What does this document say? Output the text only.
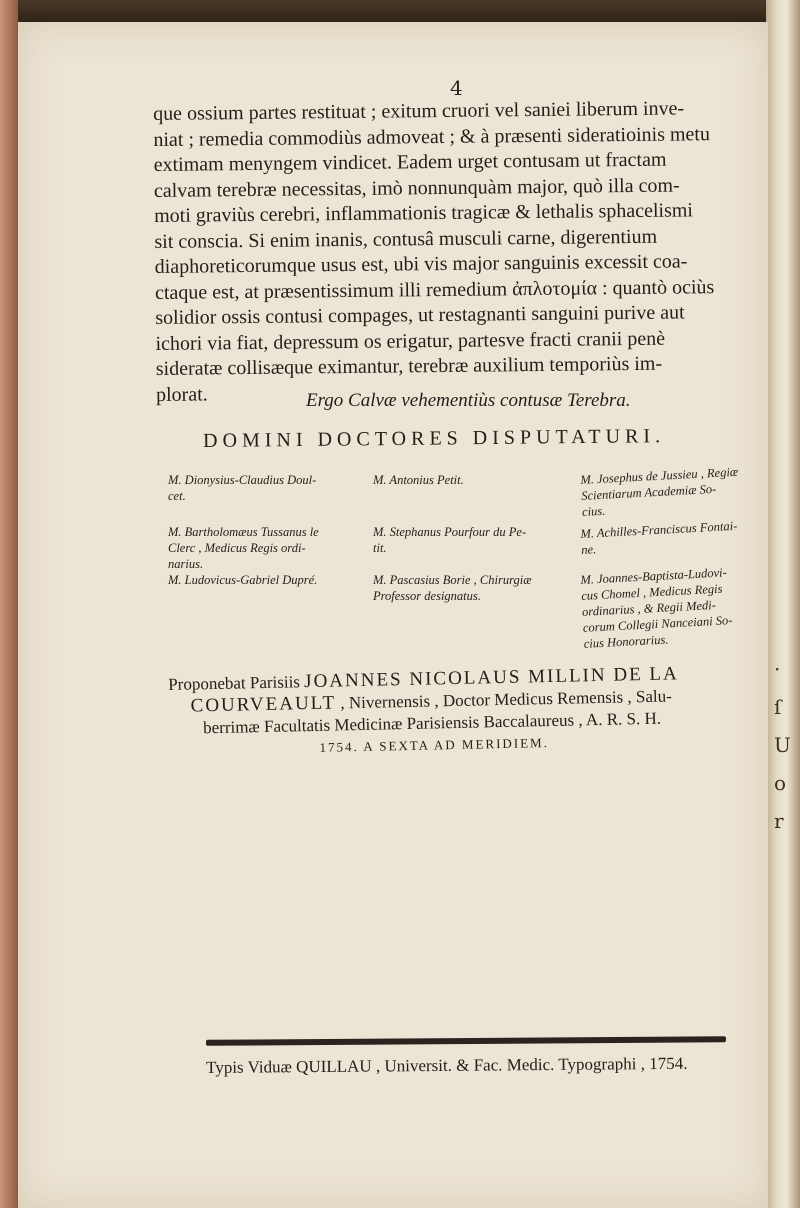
·
ſ
U
o
r
4
que ossium partes restituat ; exitum cruori vel saniei liberum inve-
niat ; remedia commodiùs admoveat ; & à præsenti sideratioinis metu
extimam menyngem vindicet. Eadem urget contusam ut fractam
calvam terebræ necessitas, imò nonnunquàm major, quò illa com-
moti graviùs cerebri, inflammationis tragicæ & lethalis sphacelismi
sit conscia. Si enim inanis, contusâ musculi carne, digerentium
diaphoreticorumque usus est, ubi vis major sanguinis excessit coa-
ctaque est, at præsentissimum illi remedium ἀπλοτομία : quantò ociùs
solidior ossis contusi compages, ut restagnanti sanguini purive aut
ichori via fiat, depressum os erigatur, partesve fracti cranii penè
sideratæ collisæque eximantur, terebræ auxilium temporiùs im-
plorat.	Ergo Calvæ vehementiùs contusæ Terebra.
DOMINI DOCTORES DISPUTATURI.
M. Dionysius-Claudius Doul-
cet.
M. Bartholomæus Tussanus le
Clerc , Medicus Regis ordi-
narius.
M. Ludovicus-Gabriel Dupré.
M. Antonius Petit.
M. Stephanus Pourfour du Pe-
tit.
M. Pascasius Borie , Chirurgiæ
Professor designatus.
M. Josephus de Jussieu , Regiæ
Scientiarum Academiæ So-
cius.
M. Achilles-Franciscus Fontai-
ne.
M. Joannes-Baptista-Ludovi-
cus Chomel , Medicus Regis
ordinarius , & Regii Medi-
corum Collegii Nanceiani So-
cius Honorarius.
Proponebat Parisiis JOANNES NICOLAUS MILLIN DE LA
COURVEAULT , Nivernensis , Doctor Medicus Remensis , Salu-
berrimæ Facultatis Medicinæ Parisiensis Baccalaureus , A. R. S. H.
1754. A SEXTA AD MERIDIEM.
Typis Viduæ QUILLAU , Universit. & Fac. Medic. Typographi , 1754.
